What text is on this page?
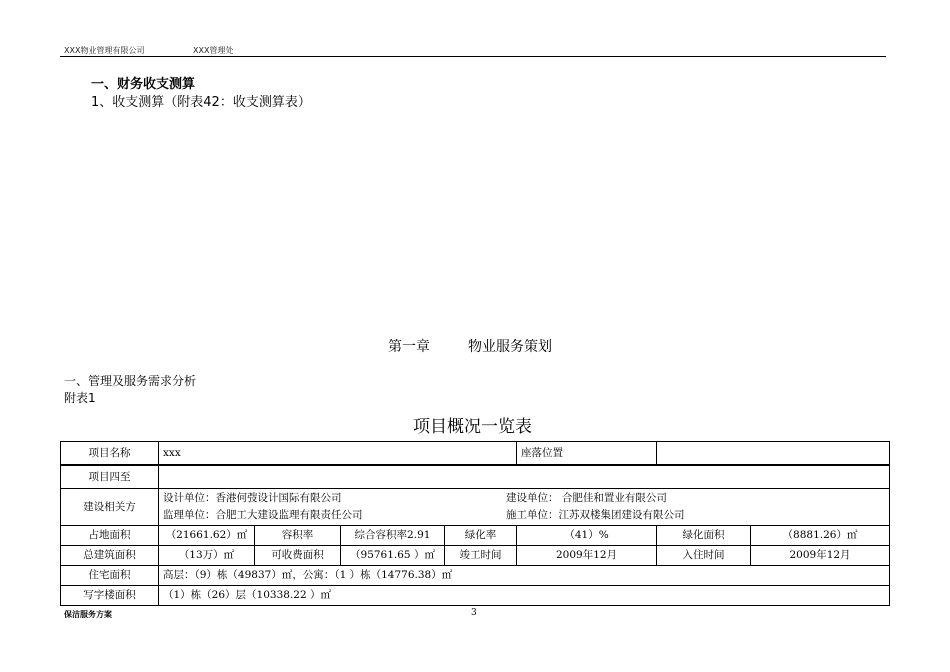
XXX物业管理有限公司	XXX管理处
一、财务收支测算
1、收支测算（附表42：收支测算表）
第一章	物业服务策划
一、管理及服务需求分析
附表1
项目概况一览表
项目名称	xxx				座落位置		
项目四至							
建设相关方	设计单位：香港何弢设计国际有限公司 建设单位： 合肥佳和置业有限公司
监理单位：合肥工大建设监理有限责任公司 施工单位：江苏双楼集团建设有限公司						

占地面积	（21661.62）㎡	容积率	综合容积率2.91	绿化率	（41）%	绿化面积	（8881.26）㎡
总建筑面积	（13万）㎡	可收费面积	（95761.65 ）㎡	竣工时间	2009年12月	入住时间	2009年12月
住宅面积	高层：（9）栋（49837）㎡，公寓：（1 ）栋（14776.38）㎡						
写字楼面积	（1）栋（26）层（10338.22 ）㎡						
保洁服务方案	3
